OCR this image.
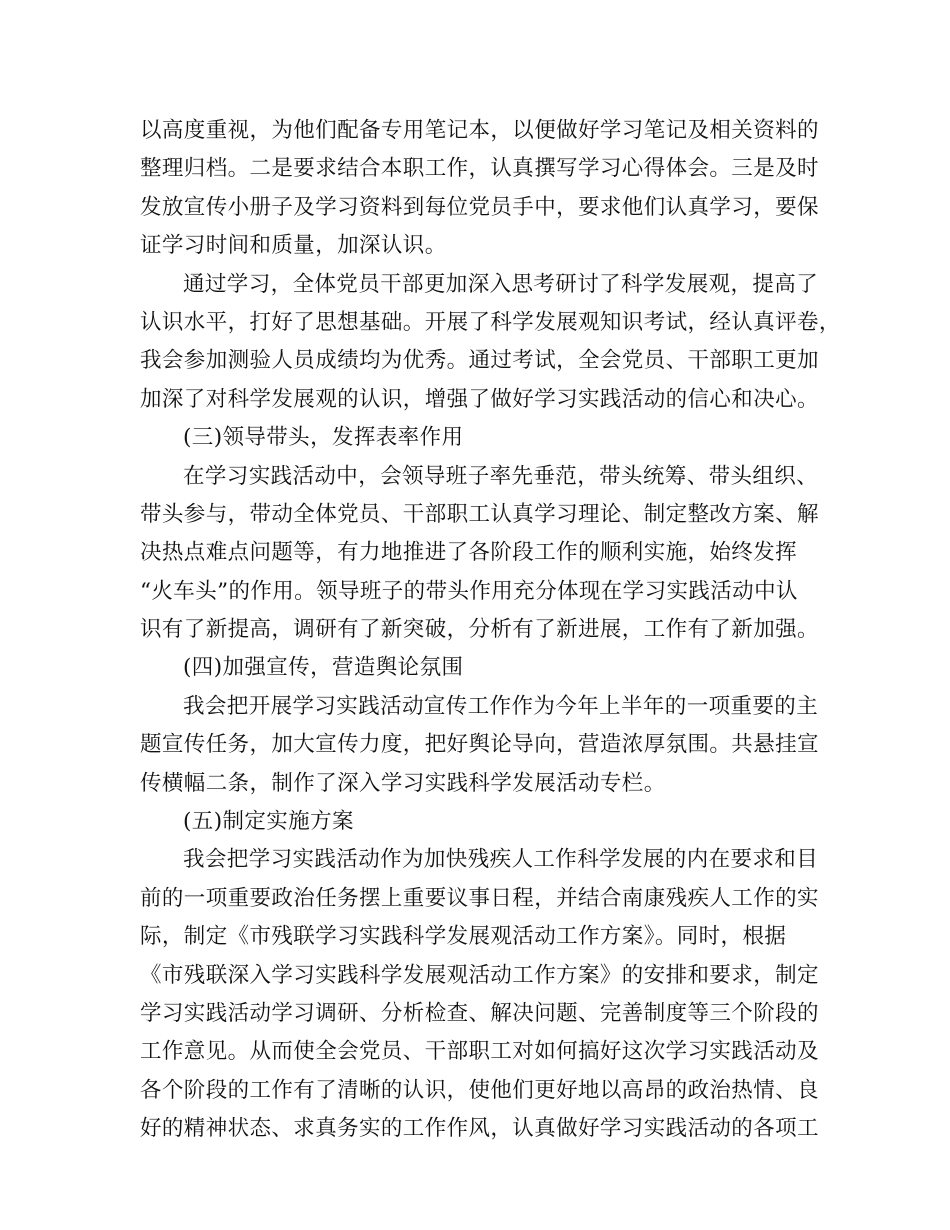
以高度重视，为他们配备专用笔记本，以便做好学习笔记及相关资料的
整理归档。二是要求结合本职工作，认真撰写学习心得体会。三是及时
发放宣传小册子及学习资料到每位党员手中，要求他们认真学习，要保
证学习时间和质量，加深认识。
通过学习，全体党员干部更加深入思考研讨了科学发展观，提高了
认识水平，打好了思想基础。开展了科学发展观知识考试，经认真评卷，
我会参加测验人员成绩均为优秀。通过考试，全会党员、干部职工更加
加深了对科学发展观的认识，增强了做好学习实践活动的信心和决心。
(三)领导带头，发挥表率作用
在学习实践活动中，会领导班子率先垂范，带头统筹、带头组织、
带头参与，带动全体党员、干部职工认真学习理论、制定整改方案、解
决热点难点问题等，有力地推进了各阶段工作的顺利实施，始终发挥
“火车头”的作用。领导班子的带头作用充分体现在学习实践活动中认
识有了新提高，调研有了新突破，分析有了新进展，工作有了新加强。
(四)加强宣传，营造舆论氛围
我会把开展学习实践活动宣传工作作为今年上半年的一项重要的主
题宣传任务，加大宣传力度，把好舆论导向，营造浓厚氛围。共悬挂宣
传横幅二条，制作了深入学习实践科学发展活动专栏。
(五)制定实施方案
我会把学习实践活动作为加快残疾人工作科学发展的内在要求和目
前的一项重要政治任务摆上重要议事日程，并结合南康残疾人工作的实
际，制定《市残联学习实践科学发展观活动工作方案》。同时，根据
《市残联深入学习实践科学发展观活动工作方案》的安排和要求，制定
学习实践活动学习调研、分析检查、解决问题、完善制度等三个阶段的
工作意见。从而使全会党员、干部职工对如何搞好这次学习实践活动及
各个阶段的工作有了清晰的认识，使他们更好地以高昂的政治热情、良
好的精神状态、求真务实的工作作风，认真做好学习实践活动的各项工
